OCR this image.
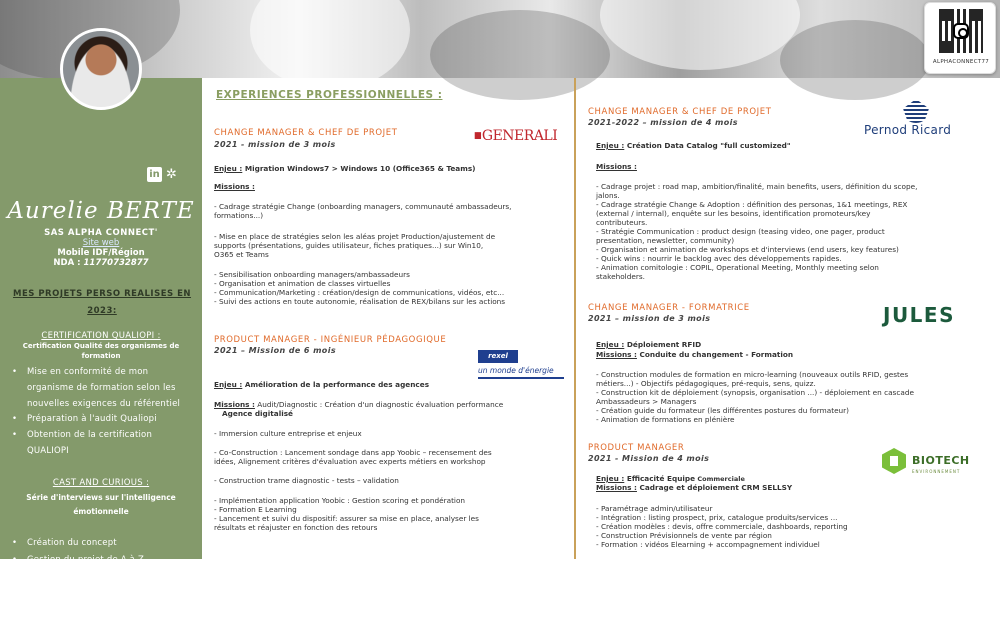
ALPHACONNECT77
in ✲
Aurelie BERTE
SAS ALPHA CONNECT'
Site web
Mobile IDF/Région
NDA : 11770732877
MES PROJETS PERSO REALISES EN
2023:
CERTIFICATION QUALIOPI :
Certification Qualité des organismes de
formation
• Mise en conformité de mon
organisme de formation selon les
nouvelles exigences du référentiel
• Préparation à l'audit Qualiopi
• Obtention de la certification
QUALIOPI
CAST AND CURIOUS :
Série d'interviews sur l'intelligence
émotionnelle
• Création du concept
• Gestion du projet de A à Z
• Création scenarii, choix
prestataires, lieu, montages vidéos
• Préparation des interviewés
• 20 interviews réalisées
EXPERIENCES PROFESSIONNELLES :
CHANGE MANAGER & CHEF DE PROJET
2021 - mission de 3 mois
▮▮ GENERALI
Enjeu : Migration Windows7 > Windows 10 (Office365 & Teams)
Missions :
- Cadrage stratégie Change (onboarding managers, communauté ambassadeurs,
formations...)
- Mise en place de stratégies selon les aléas projet Production/ajustement de
supports (présentations, guides utilisateur, fiches pratiques...) sur Win10,
O365 et Teams
- Sensibilisation onboarding managers/ambassadeurs
- Organisation et animation de classes virtuelles
- Communication/Marketing : création/design de communications, vidéos, etc...
- Suivi des actions en toute autonomie, réalisation de REX/bilans sur les actions
PRODUCT MANAGER - INGÉNIEUR PÉDAGOGIQUE
2021 – Mission de 6 mois
rexel
un monde d'énergie
Enjeu : Amélioration de la performance des agences
Missions : Audit/Diagnostic : Création d'un diagnostic évaluation performance
Agence digitalisé
- Immersion culture entreprise et enjeux
- Co-Construction : Lancement sondage dans app Yoobic – recensement des
idées, Alignement critères d'évaluation avec experts métiers en workshop
- Construction trame diagnostic - tests – validation
- Implémentation application Yoobic : Gestion scoring et pondération
- Formation E Learning
- Lancement et suivi du dispositif: assurer sa mise en place, analyser les
résultats et réajuster en fonction des retours
CHANGE MANAGER & CHEF DE PROJET
2021-2022 – mission de 4 mois
Pernod Ricard
Enjeu : Création Data Catalog "full customized"
Missions :
- Cadrage projet : road map, ambition/finalité, main benefits, users, définition du scope,
jalons.
- Cadrage stratégie Change & Adoption : définition des personas, 1&1 meetings, REX
(external / internal), enquête sur les besoins, identification promoteurs/key
contributeurs.
- Stratégie Communication : product design (teasing video, one pager, product
presentation, newsletter, community)
- Organisation et animation de workshops et d'interviews (end users, key features)
- Quick wins : nourrir le backlog avec des développements rapides.
- Animation comitologie : COPIL, Operational Meeting, Monthly meeting selon
stakeholders.
CHANGE MANAGER - FORMATRICE
2021 – mission de 3 mois	JULES
Enjeu : Déploiement RFID
Missions : Conduite du changement - Formation
- Construction modules de formation en micro-learning (nouveaux outils RFID, gestes
métiers...) - Objectifs pédagogiques, pré-requis, sens, quizz.
- Construction kit de déploiement (synopsis, organisation ...) - déploiement en cascade
Ambassadeurs > Managers
- Création guide du formateur (les différentes postures du formateur)
- Animation de formations en plénière
PRODUCT MANAGER
2021 - Mission de 4 mois	BIOTECH
ENVIRONNEMENT
Enjeu : Efficacité Equipe Commerciale
Missions : Cadrage et déploiement CRM SELLSY
- Paramétrage admin/utilisateur
- Intégration : listing prospect, prix, catalogue produits/services ...
- Création modèles : devis, offre commerciale, dashboards, reporting
- Construction Prévisionnels de vente par région
- Formation : vidéos Elearning + accompagnement individuel
